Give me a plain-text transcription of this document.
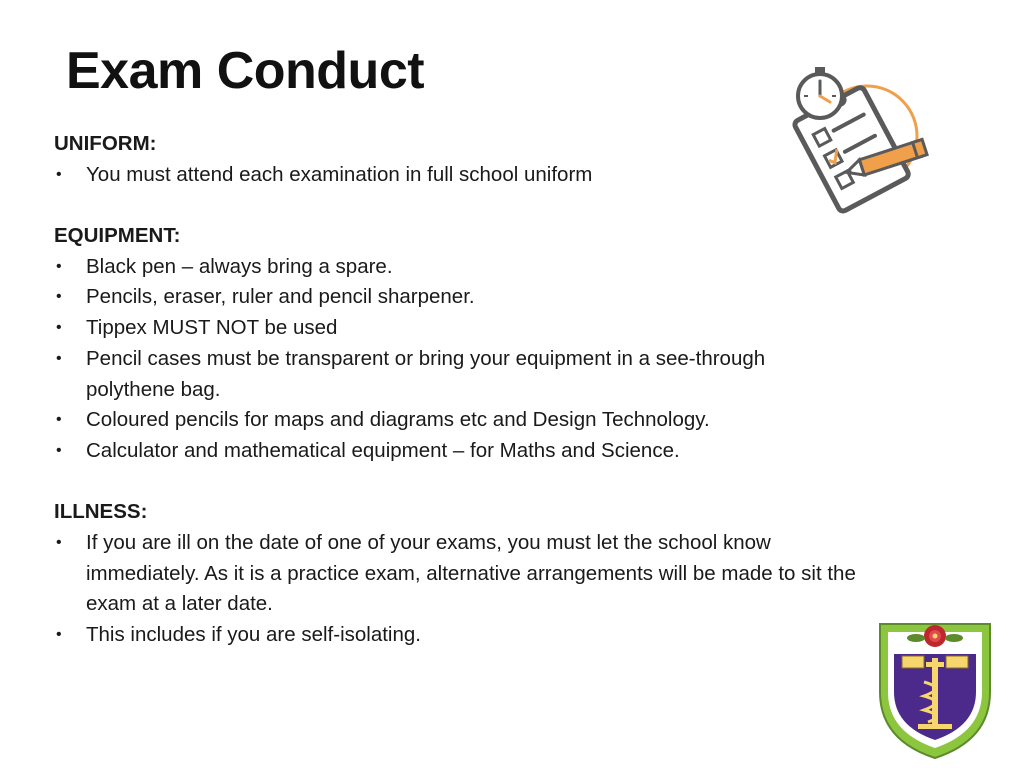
Exam Conduct
UNIFORM:
• You must attend each examination in full school uniform
EQUIPMENT:
• Black pen – always bring a spare.
• Pencils, eraser, ruler and pencil sharpener.
• Tippex MUST NOT be used
• Pencil cases must be transparent or bring your equipment in a see-through polythene bag.
• Coloured pencils for maps and diagrams etc and Design Technology.
• Calculator and mathematical equipment – for Maths and Science.
ILLNESS:
• If you are ill on the date of one of your exams, you must let the school know immediately. As it is a practice exam, alternative arrangements will be made to sit the exam at a later date.
• This includes if you are self-isolating.
